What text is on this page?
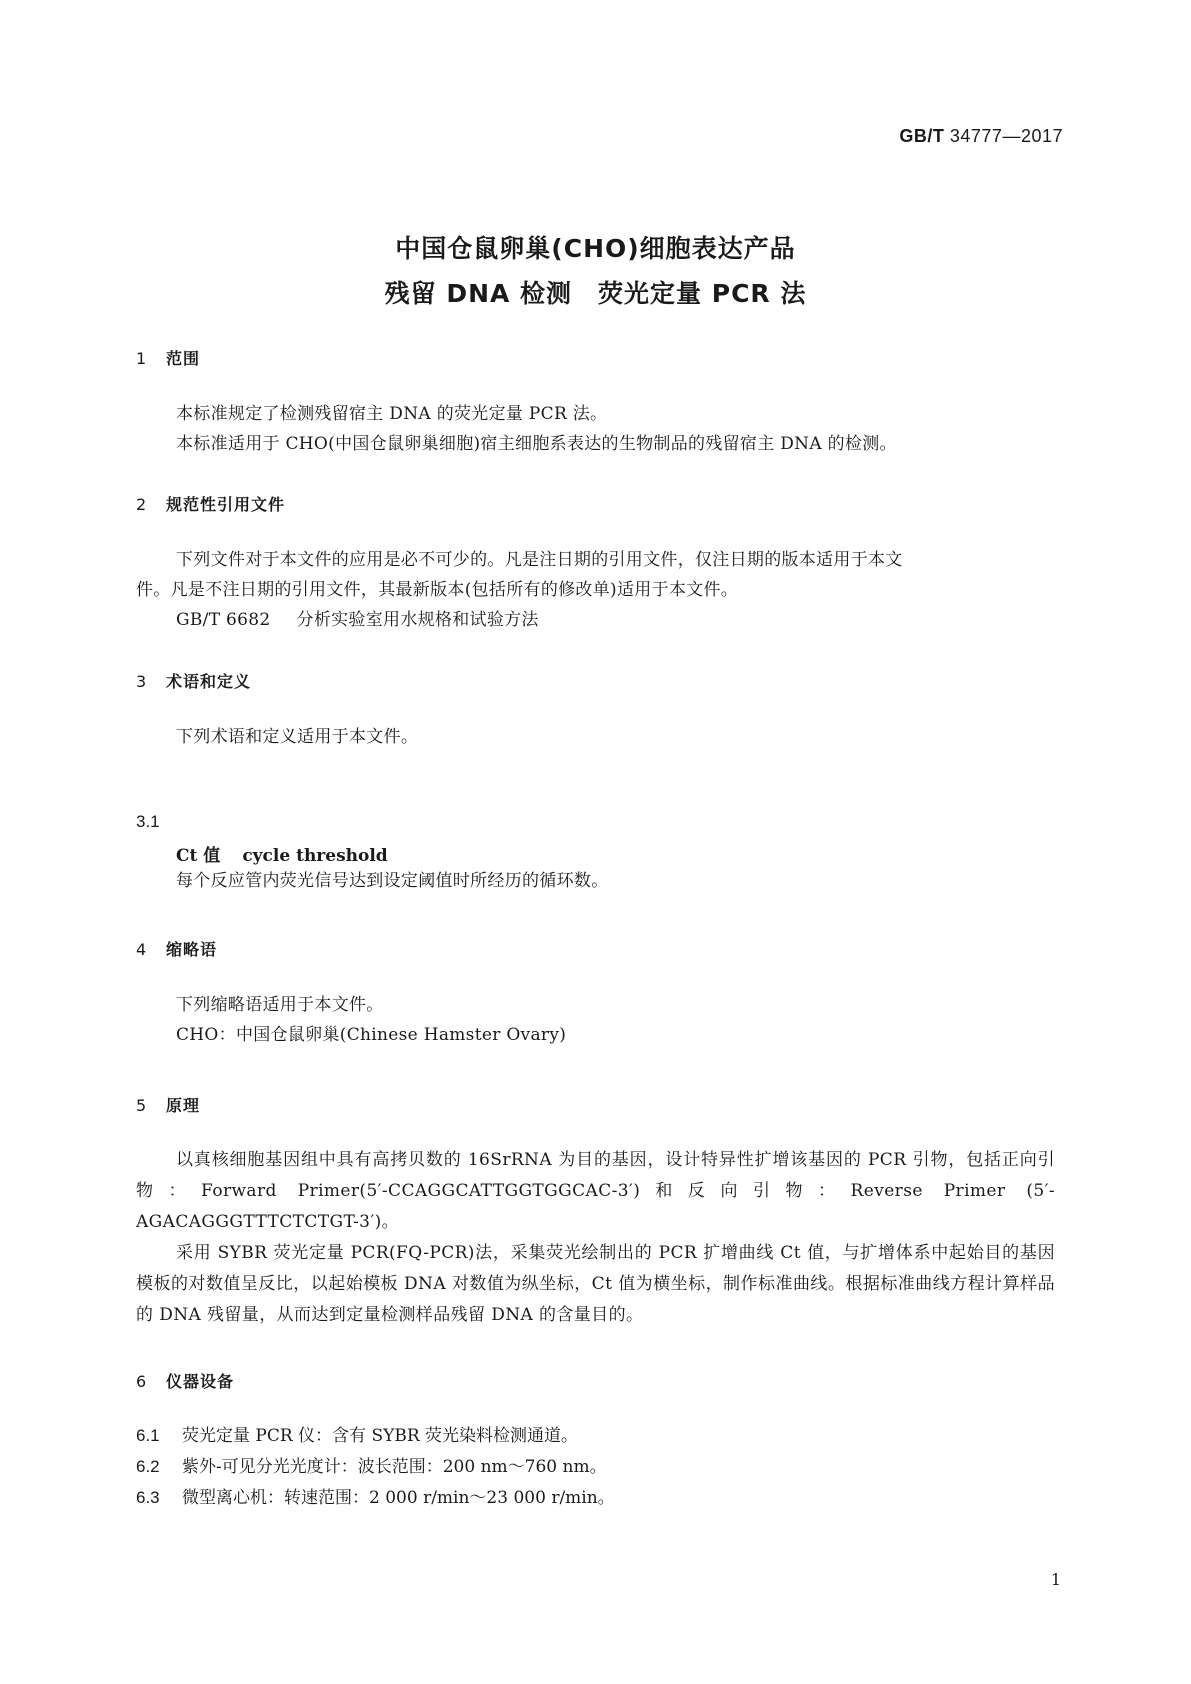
GB/T 34777—2017
中国仓鼠卵巢(CHO)细胞表达产品
残留 DNA 检测　荧光定量 PCR 法
1 范围
本标准规定了检测残留宿主 DNA 的荧光定量 PCR 法。
本标准适用于 CHO(中国仓鼠卵巢细胞)宿主细胞系表达的生物制品的残留宿主 DNA 的检测。
2 规范性引用文件
下列文件对于本文件的应用是必不可少的。凡是注日期的引用文件，仅注日期的版本适用于本文
件。凡是不注日期的引用文件，其最新版本(包括所有的修改单)适用于本文件。
GB/T 6682 分析实验室用水规格和试验方法
3 术语和定义
下列术语和定义适用于本文件。
3.1
Ct 值 cycle threshold
每个反应管内荧光信号达到设定阈值时所经历的循环数。
4 缩略语
下列缩略语适用于本文件。
CHO：中国仓鼠卵巢(Chinese Hamster Ovary)
5 原理
以真核细胞基因组中具有高拷贝数的 16SrRNA 为目的基因，设计特异性扩增该基因的 PCR 引物，包括正向引物：Forward Primer(5′-CCAGGCATTGGTGGCAC-3′)和反向引物：Reverse Primer (5′-AGACAGGGTTTCTCTGT-3′)。
采用 SYBR 荧光定量 PCR(FQ-PCR)法，采集荧光绘制出的 PCR 扩增曲线 Ct 值，与扩增体系中起始目的基因模板的对数值呈反比，以起始模板 DNA 对数值为纵坐标，Ct 值为横坐标，制作标准曲线。根据标准曲线方程计算样品的 DNA 残留量，从而达到定量检测样品残留 DNA 的含量目的。
6 仪器设备
6.1 荧光定量 PCR 仪：含有 SYBR 荧光染料检测通道。
6.2 紫外-可见分光光度计：波长范围：200 nm～760 nm。
6.3 微型离心机：转速范围：2 000 r/min～23 000 r/min。
1
